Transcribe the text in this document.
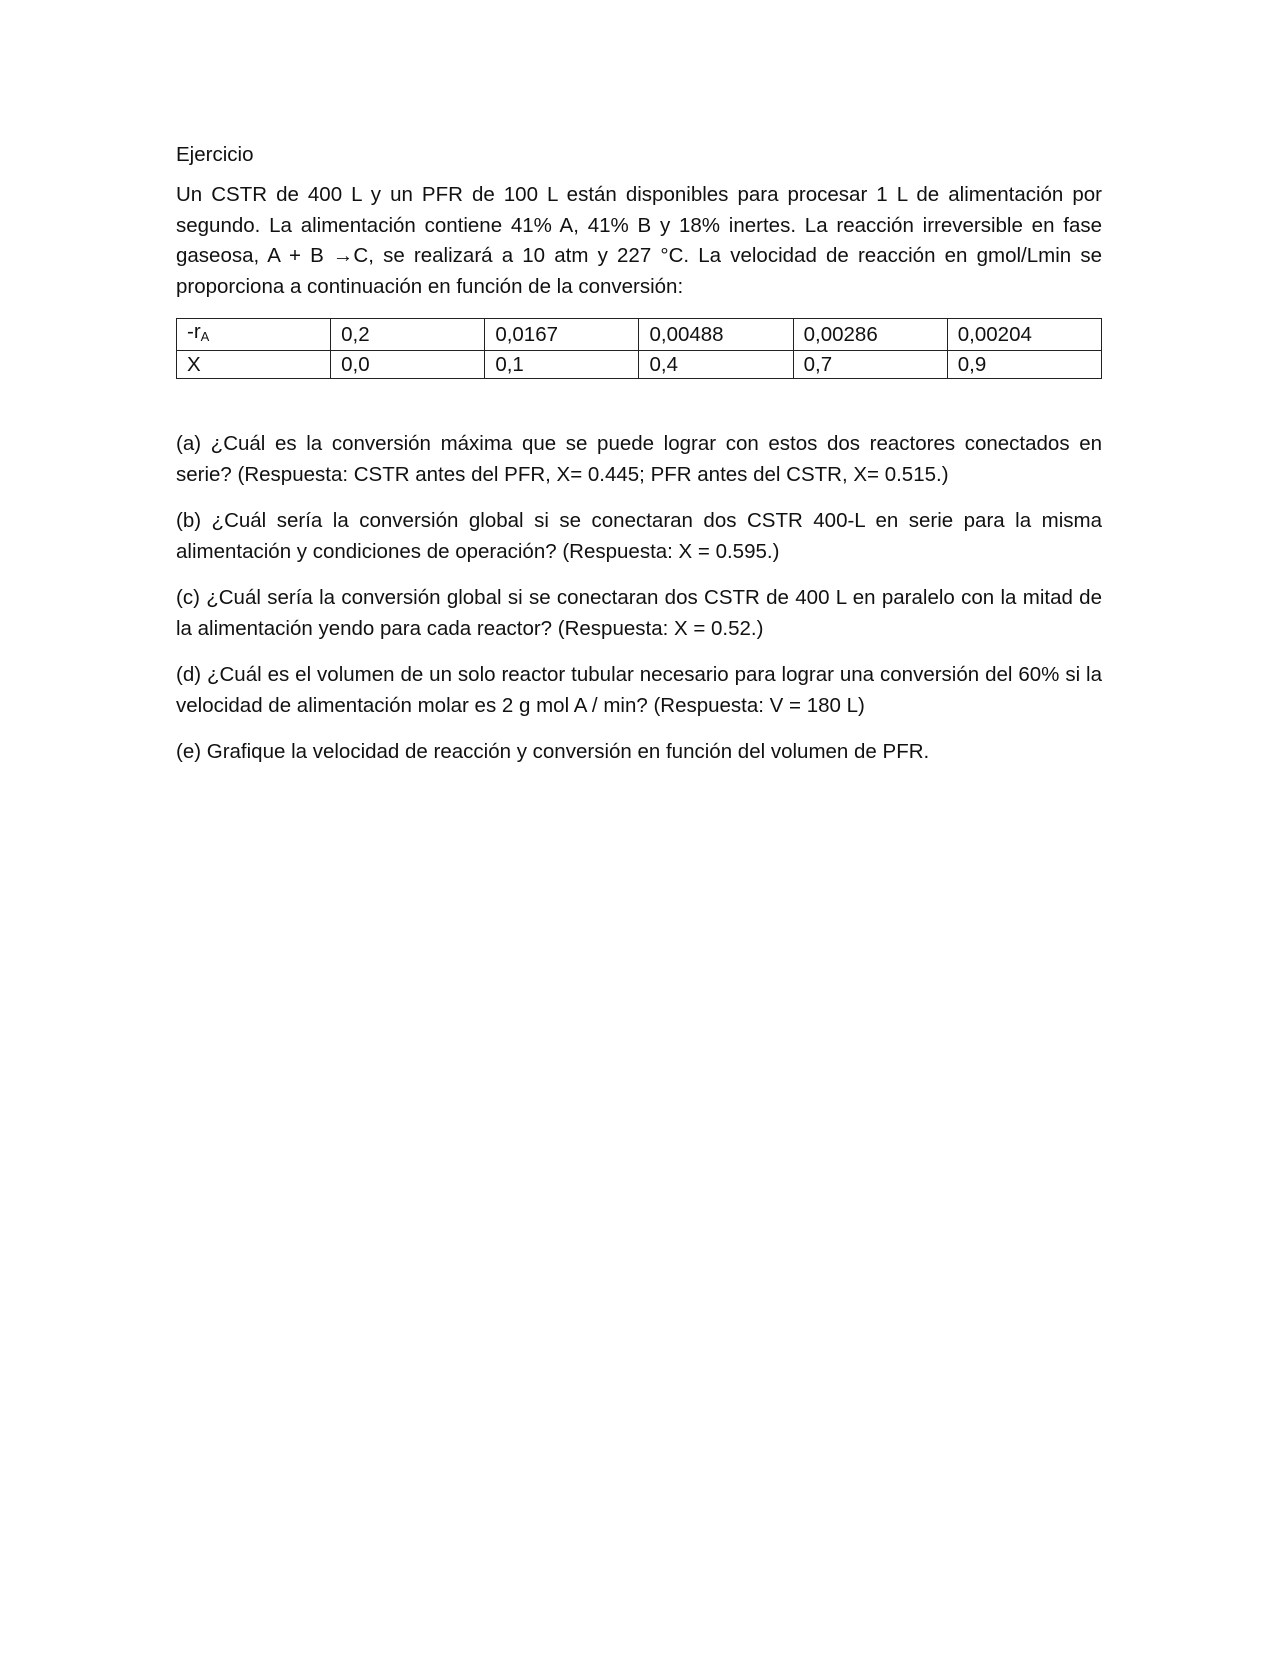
Ejercicio

Un CSTR de 400 L y un PFR de 100 L están disponibles para procesar 1 L de alimentación por segundo. La alimentación contiene 41% A, 41% B y 18% inertes. La reacción irreversible en fase gaseosa, A + B →C, se realizará a 10 atm y 227 °C. La velocidad de reacción en gmol/Lmin se proporciona a continuación en función de la conversión:

$-r_A$	0,2	0,0167	0,00488	0,00286	0,00204
X	0,0	0,1	0,4	0,7	0,9

(a) ¿Cuál es la conversión máxima que se puede lograr con estos dos reactores conectados en serie? (Respuesta: CSTR antes del PFR, X= 0.445; PFR antes del CSTR, X= 0.515.)

(b) ¿Cuál sería la conversión global si se conectaran dos CSTR 400-L en serie para la misma alimentación y condiciones de operación? (Respuesta: X = 0.595.)

(c) ¿Cuál sería la conversión global si se conectaran dos CSTR de 400 L en paralelo con la mitad de la alimentación yendo para cada reactor? (Respuesta: X = 0.52.)

(d) ¿Cuál es el volumen de un solo reactor tubular necesario para lograr una conversión del 60% si la velocidad de alimentación molar es 2 g mol A / min? (Respuesta: V = 180 L)

(e) Grafique la velocidad de reacción y conversión en función del volumen de PFR.
